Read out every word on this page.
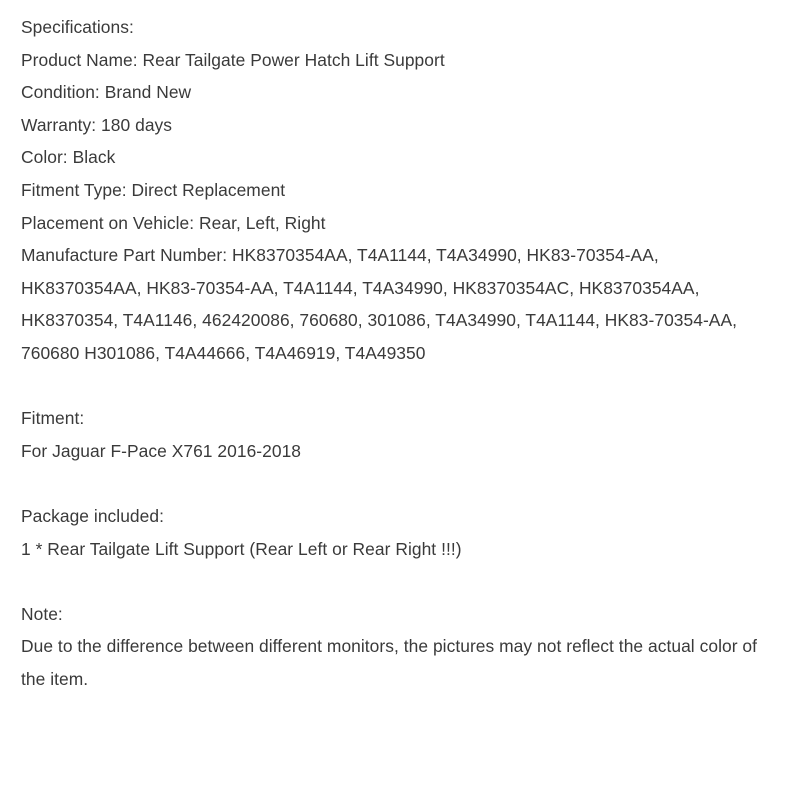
Specifications:
Product Name: Rear Tailgate Power Hatch Lift Support
Condition: Brand New
Warranty: 180 days
Color: Black
Fitment Type: Direct Replacement
Placement on Vehicle: Rear, Left, Right
Manufacture Part Number: HK8370354AA, T4A1144, T4A34990, HK83-70354-AA,
HK8370354AA, HK83-70354-AA, T4A1144, T4A34990, HK8370354AC, HK8370354AA,
HK8370354, T4A1146, 462420086, 760680, 301086, T4A34990, T4A1144, HK83-70354-AA,
760680 H301086, T4A44666, T4A46919, T4A49350
Fitment:
For Jaguar F-Pace X761 2016-2018
Package included:
1 * Rear Tailgate Lift Support (Rear Left or Rear Right !!!)
Note:
Due to the difference between different monitors, the pictures may not reflect the actual color of
the item.
